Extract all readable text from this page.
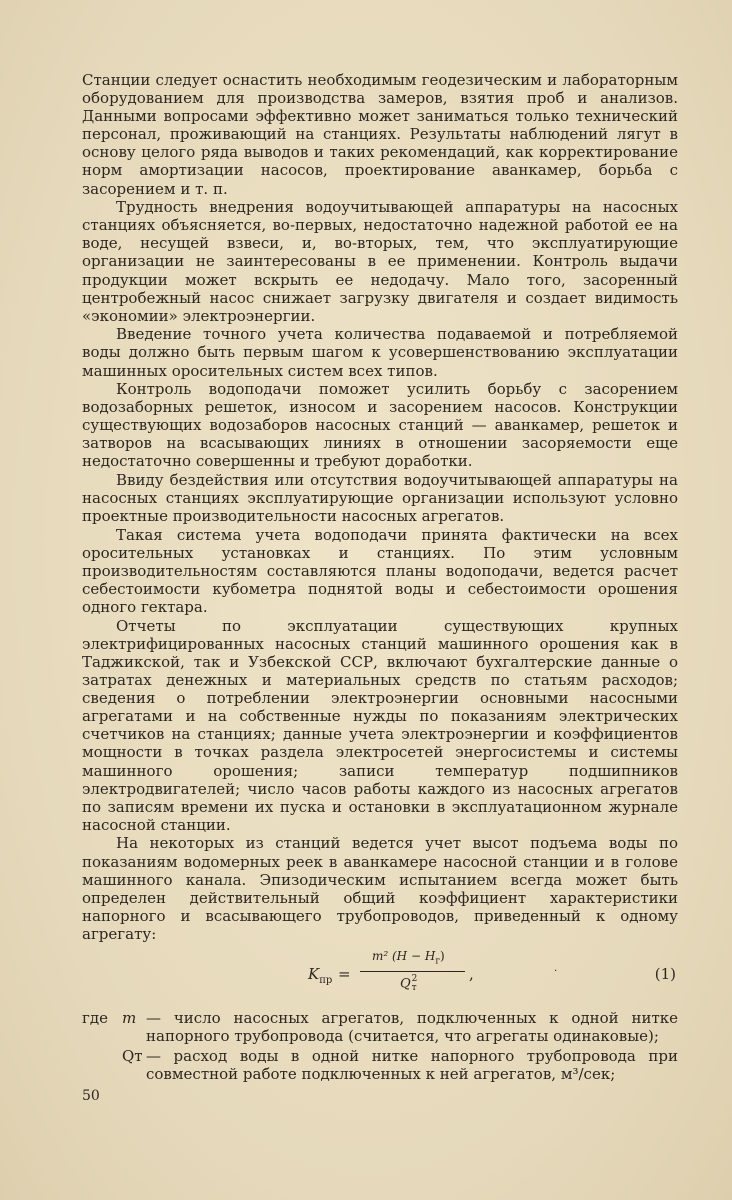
Станции следует оснастить необходимым геодезическим и лабораторным оборудованием для производства замеров, взятия проб и анализов. Данными вопросами эффективно может заниматься только технический персонал, проживающий на станциях. Результаты наблюдений лягут в основу целого ряда выводов и таких рекомендаций, как корректирование норм амортизации насосов, проектирование аванкамер, борьба с засорением и т. п.

Трудность внедрения водоучитывающей аппаратуры на насосных станциях объясняется, во-первых, недостаточно надежной работой ее на воде, несущей взвеси, и, во-вторых, тем, что эксплуатирующие организации не заинтересованы в ее применении. Контроль выдачи продукции может вскрыть ее недодачу. Мало того, засоренный центробежный насос снижает загрузку двигателя и создает видимость «экономии» электроэнергии.

Введение точного учета количества подаваемой и потребляемой воды должно быть первым шагом к усовершенствованию эксплуатации машинных оросительных систем всех типов.

Контроль водоподачи поможет усилить борьбу с засорением водозаборных решеток, износом и засорением насосов. Конструкции существующих водозаборов насосных станций — аванкамер, решеток и затворов на всасывающих линиях в отношении засоряемости еще недостаточно совершенны и требуют доработки.

Ввиду бездействия или отсутствия водоучитывающей аппаратуры на насосных станциях эксплуатирующие организации используют условно проектные производительности насосных агрегатов.

Такая система учета водоподачи принята фактически на всех оросительных установках и станциях. По этим условным производительностям составляются планы водоподачи, ведется расчет себестоимости кубометра поднятой воды и себестоимости орошения одного гектара.

Отчеты по эксплуатации существующих крупных электрифицированных насосных станций машинного орошения как в Таджикской, так и Узбекской ССР, включают бухгалтерские данные о затратах денежных и материальных средств по статьям расходов; сведения о потреблении электроэнергии основными насосными агрегатами и на собственные нужды по показаниям электрических счетчиков на станциях; данные учета электроэнергии и коэффициентов мощности в точках раздела электросетей энергосистемы и системы машинного орошения; записи температур подшипников электродвигателей; число часов работы каждого из насосных агрегатов по записям времени их пуска и остановки в эксплуатационном журнале насосной станции.

На некоторых из станций ведется учет высот подъема воды по показаниям водомерных реек в аванкамере насосной станции и в голове машинного канала. Эпизодическим испытанием всегда может быть определен действительный общий коэффициент характеристики напорного и всасывающего трубопроводов, приведенный к одному агрегату:

$K_{пр}$ =
m² $(H - H_г)$
Q 2
т
,	·	(1)
где m — число насосных агрегатов, подключенных к одной нитке напорного трубопровода (считается, что агрегаты одинаковые);
Qт — расход воды в одной нитке напорного трубопровода при совместной работе подключенных к ней агрегатов, м³/сек;
50
